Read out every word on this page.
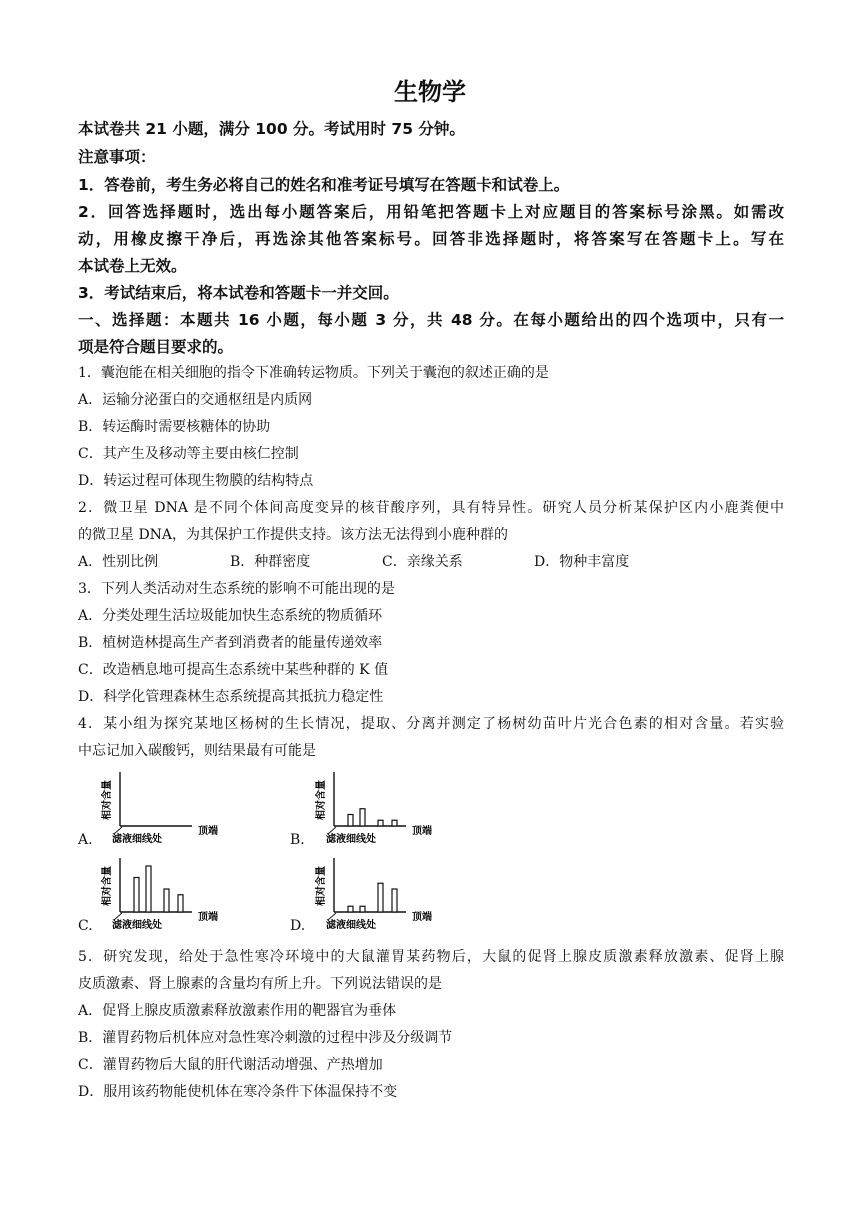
生物学
本试卷共 21 小题，满分 100 分。考试用时 75 分钟。
注意事项：
1．答卷前，考生务必将自己的姓名和准考证号填写在答题卡和试卷上。
2．回答选择题时，选出每小题答案后，用铅笔把答题卡上对应题目的答案标号涂黑。如需改
动，用橡皮擦干净后，再选涂其他答案标号。回答非选择题时，将答案写在答题卡上。写在
本试卷上无效。
3．考试结束后，将本试卷和答题卡一并交回。
一、选择题：本题共 16 小题，每小题 3 分，共 48 分。在每小题给出的四个选项中，只有一
项是符合题目要求的。
1．囊泡能在相关细胞的指令下准确转运物质。下列关于囊泡的叙述正确的是
A．运输分泌蛋白的交通枢纽是内质网
B．转运酶时需要核糖体的协助
C．其产生及移动等主要由核仁控制
D．转运过程可体现生物膜的结构特点
2．微卫星 DNA 是不同个体间高度变异的核苷酸序列，具有特异性。研究人员分析某保护区内小鹿粪便中
的微卫星 DNA，为其保护工作提供支持。该方法无法得到小鹿种群的
A．性别比例	B．种群密度	C．亲缘关系	D．物种丰富度
3．下列人类活动对生态系统的影响不可能出现的是
A．分类处理生活垃圾能加快生态系统的物质循环
B．植树造林提高生产者到消费者的能量传递效率
C．改造栖息地可提高生态系统中某些种群的 K 值
D．科学化管理森林生态系统提高其抵抗力稳定性
4．某小组为探究某地区杨树的生长情况，提取、分离并测定了杨树幼苗叶片光合色素的相对含量。若实验
中忘记加入碳酸钙，则结果最有可能是
A.	B.
C.	D.
相对含量
滤液细线处
顶端
相对含量
滤液细线处
顶端
相对含量
滤液细线处
顶端
相对含量
滤液细线处
顶端
5．研究发现，给处于急性寒冷环境中的大鼠灌胃某药物后，大鼠的促肾上腺皮质激素释放激素、促肾上腺
皮质激素、肾上腺素的含量均有所上升。下列说法错误的是
A．促肾上腺皮质激素释放激素作用的靶器官为垂体
B．灌胃药物后机体应对急性寒冷刺激的过程中涉及分级调节
C．灌胃药物后大鼠的肝代谢活动增强、产热增加
D．服用该药物能使机体在寒冷条件下体温保持不变
